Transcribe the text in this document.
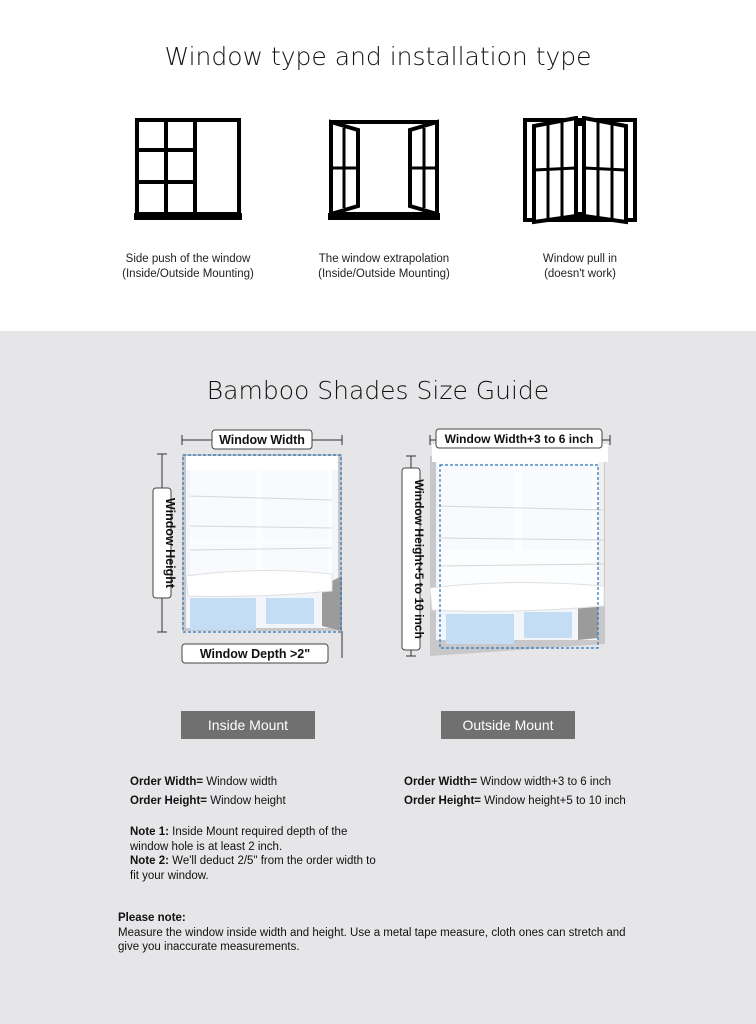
Window type and installation type
Side push of the window
(Inside/Outside Mounting)
The window extrapolation
(Inside/Outside Mounting)
Window pull in
(doesn't work)
Bamboo Shades Size Guide
Window Width
Window Height
Window Depth >2"
Window Width+3 to 6 inch
Window Height+5 to 10 inch
Inside Mount	Outside Mount
Order Width= Window width
Order Height= Window height
Order Width= Window width+3 to 6 inch
Order Height= Window height+5 to 10 inch

Note 1: Inside Mount required depth of the window hole is at least 2 inch.

Note 2: We'll deduct 2/5" from the order width to fit your window.

Please note:
Measure the window inside width and height. Use a metal tape measure, cloth ones can stretch and give you inaccurate measurements.
